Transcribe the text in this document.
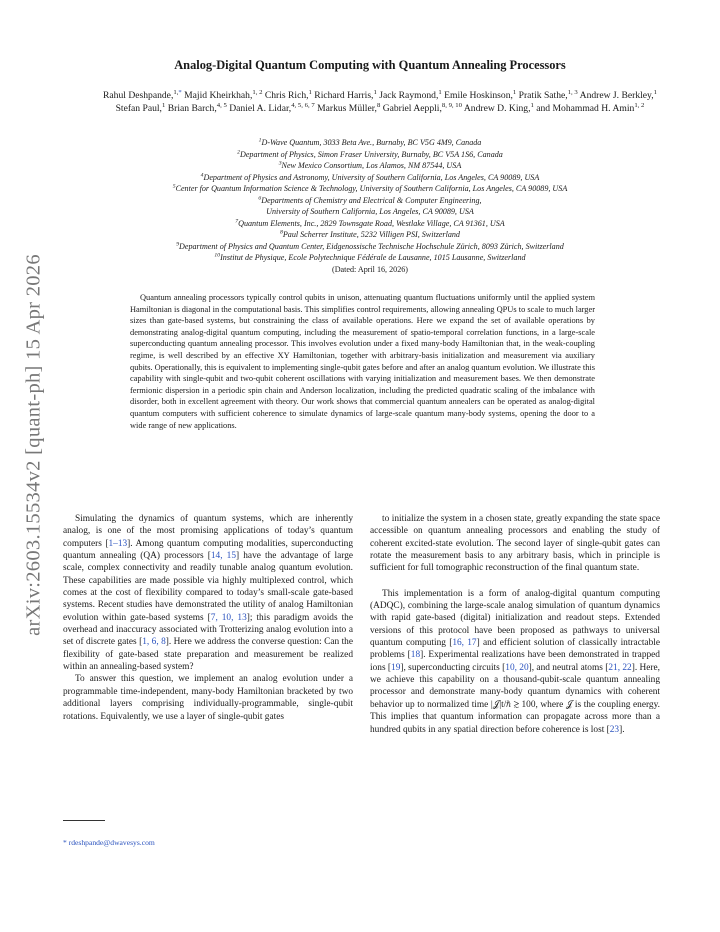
arXiv:2603.15534v2 [quant-ph] 15 Apr 2026
Analog-Digital Quantum Computing with Quantum Annealing Processors
Rahul Deshpande,$^{1,*}$ Majid Kheirkhah,$^{1, 2}$ Chris Rich,$^1$ Richard Harris,$^1$ Jack Raymond,$^1$ Emile Hoskinson,$^1$ Pratik Sathe,$^{1, 3}$ Andrew J. Berkley,$^1$ Stefan Paul,$^1$ Brian Barch,$^{4, 5}$ Daniel A. Lidar,$^{4, 5, 6, 7}$ Markus Müller,$^8$ Gabriel Aeppli,$^{8, 9, 10}$ Andrew D. King,$^1$ and Mohammad H. Amin$^{1, 2}$
$^1$D-Wave Quantum, 3033 Beta Ave., Burnaby, BC V5G 4M9, Canada
$^2$Department of Physics, Simon Fraser University, Burnaby, BC V5A 1S6, Canada
$^3$New Mexico Consortium, Los Alamos, NM 87544, USA
$^4$Department of Physics and Astronomy, University of Southern California, Los Angeles, CA 90089, USA
$^5$Center for Quantum Information Science & Technology, University of Southern California, Los Angeles, CA 90089, USA
$^6$Departments of Chemistry and Electrical & Computer Engineering,
University of Southern California, Los Angeles, CA 90089, USA
$^7$Quantum Elements, Inc., 2829 Townsgate Road, Westlake Village, CA 91361, USA
$^8$Paul Scherrer Institute, 5232 Villigen PSI, Switzerland
$^9$Department of Physics and Quantum Center, Eidgenossische Technische Hochschule Zürich, 8093 Zürich, Switzerland
$^{10}$Institut de Physique, Ecole Polytechnique Fédérale de Lausanne, 1015 Lausanne, Switzerland
(Dated: April 16, 2026)
Quantum annealing processors typically control qubits in unison, attenuating quantum fluctuations uniformly until the applied system Hamiltonian is diagonal in the computational basis. This simplifies control requirements, allowing annealing QPUs to scale to much larger sizes than gate-based systems, but constraining the class of available operations. Here we expand the set of available operations by demonstrating analog-digital quantum computing, including the measurement of spatio-temporal correlation functions, in a large-scale superconducting quantum annealing processor. This involves evolution under a fixed many-body Hamiltonian that, in the weak-coupling regime, is well described by an effective XY Hamiltonian, together with arbitrary-basis initialization and measurement via auxiliary qubits. Operationally, this is equivalent to implementing single-qubit gates before and after an analog quantum evolution. We illustrate this capability with single-qubit and two-qubit coherent oscillations with varying initialization and measurement bases. We then demonstrate fermionic dispersion in a periodic spin chain and Anderson localization, including the predicted quadratic scaling of the imbalance with disorder, both in excellent agreement with theory. Our work shows that commercial quantum annealers can be operated as analog-digital quantum computers with sufficient coherence to simulate dynamics of large-scale quantum many-body systems, opening the door to a wide range of new applications.

Simulating the dynamics of quantum systems, which are inherently analog, is one of the most promising applications of today’s quantum computers [1–13]. Among quantum computing modalities, superconducting quantum annealing (QA) processors [14, 15] have the advantage of large scale, complex connectivity and readily tunable analog quantum evolution. These capabilities are made possible via highly multiplexed control, which comes at the cost of flexibility compared to today’s small-scale gate-based systems. Recent studies have demonstrated the utility of analog Hamiltonian evolution within gate-based systems [7, 10, 13]; this paradigm avoids the overhead and inaccuracy associated with Trotterizing analog evolution into a set of discrete gates [1, 6, 8]. Here we address the converse question: Can the flexibility of gate-based state preparation and measurement be realized within an annealing-based system?

To answer this question, we implement an analog evolution under a programmable time-independent, many-body Hamiltonian bracketed by two additional layers comprising individually-programmable, single-qubit rotations. Equivalently, we use a layer of single-qubit gates

to initialize the system in a chosen state, greatly expanding the state space accessible on quantum annealing processors and enabling the study of coherent excited-state evolution. The second layer of single-qubit gates can rotate the measurement basis to any arbitrary basis, which in principle is sufficient for full tomographic reconstruction of the final quantum state.

This implementation is a form of analog-digital quantum computing (ADQC), combining the large-scale analog simulation of quantum dynamics with rapid gate-based (digital) initialization and readout steps. Extended versions of this protocol have been proposed as pathways to universal quantum computing [16, 17] and efficient solution of classically intractable problems [18]. Experimental realizations have been demonstrated in trapped ions [19], superconducting circuits [10, 20], and neutral atoms [21, 22]. Here, we achieve this capability on a thousand-qubit-scale quantum annealing processor and demonstrate many-body quantum dynamics with coherent behavior up to normalized time |𝒥|t/ℏ ≳ 100, where 𝒥 is the coupling energy. This implies that quantum information can propagate across more than a hundred qubits in any spatial direction before coherence is lost [23].

* rdeshpande@dwavesys.com
